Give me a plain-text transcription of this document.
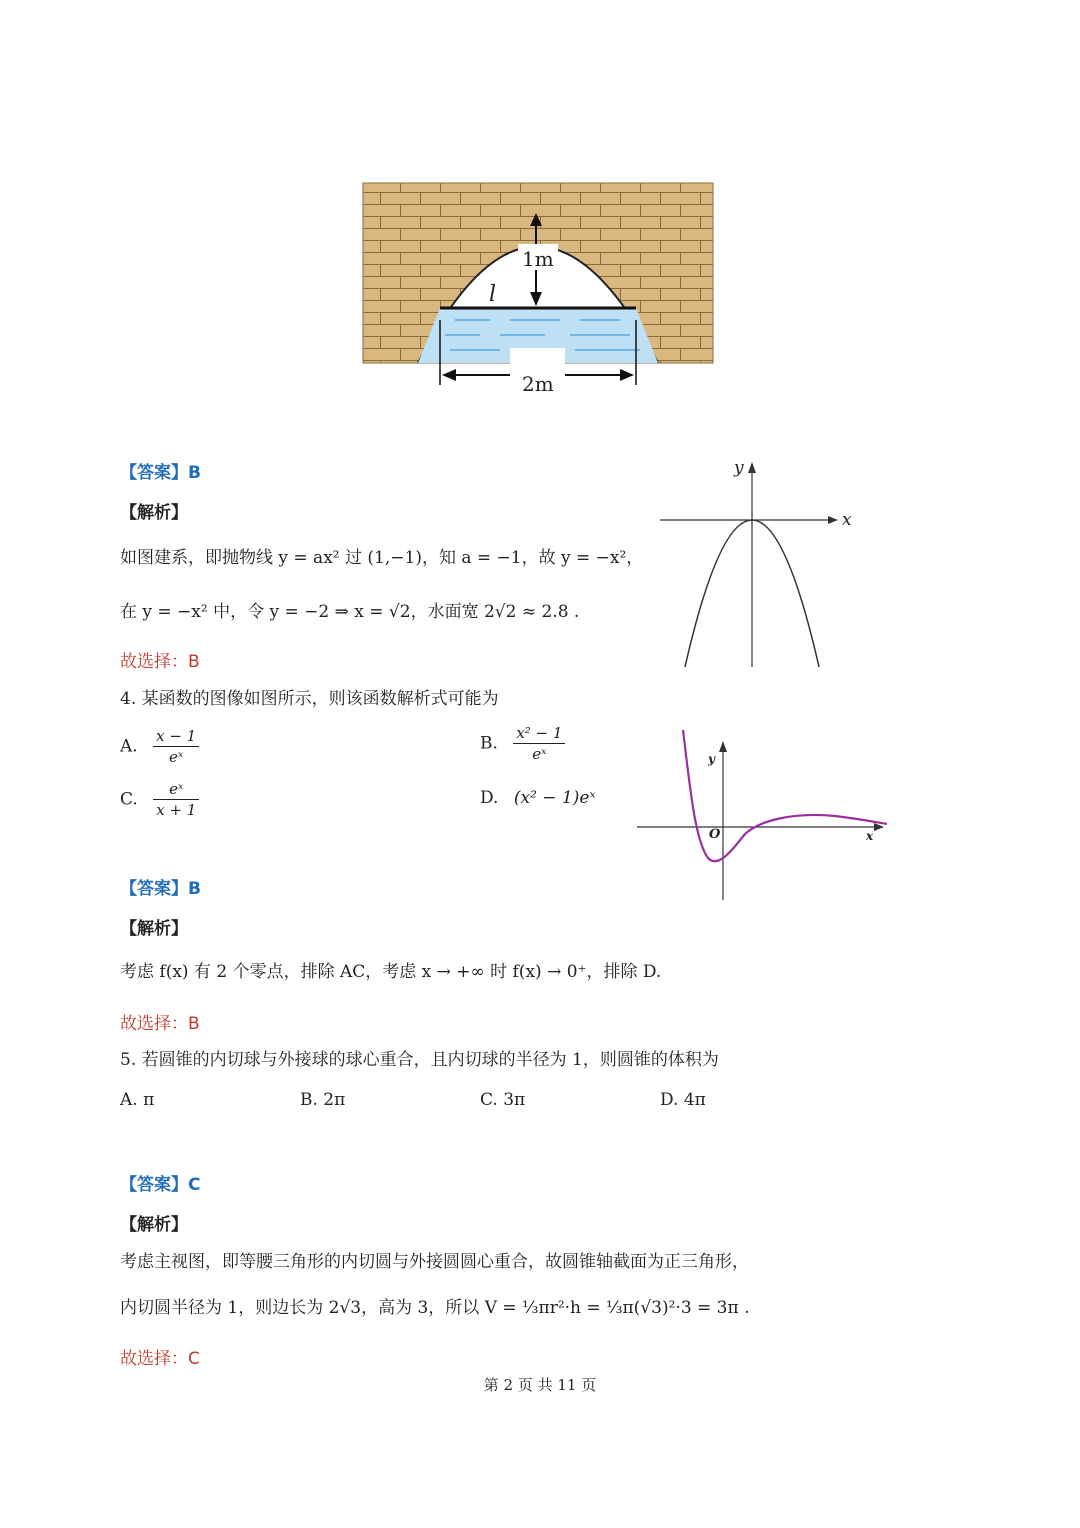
1m
2m
l
【答案】B
【解析】
如图建系，即抛物线 y = ax² 过 (1,−1)，知 a = −1，故 y = −x²，
在 y = −x² 中，令 y = −2 ⇒ x = √2，水面宽 2√2 ≈ 2.8 .
故选择：B
x
y
4. 某函数的图像如图所示，则该函数解析式可能为
A. $\frac{x - 1}{\text{eˣ}}$	B. $\frac{\text{x² − 1}}{\text{eˣ}}$
C. $\frac{\text{eˣ}}{x + 1}$	D. (x² − 1)eˣ
y
x
O
【答案】B
【解析】
考虑 f(x) 有 2 个零点，排除 AC，考虑 x → +∞ 时 f(x) → 0⁺，排除 D.
故选择：B
5. 若圆锥的内切球与外接球的球心重合，且内切球的半径为 1，则圆锥的体积为
A. π	B. 2π	C. 3π	D. 4π
【答案】C
【解析】
考虑主视图，即等腰三角形的内切圆与外接圆圆心重合，故圆锥轴截面为正三角形，
内切圆半径为 1，则边长为 2√3，高为 3，所以 V = ⅓πr²·h = ⅓π(√3)²·3 = 3π .
故选择：C
第 2 页 共 11 页
